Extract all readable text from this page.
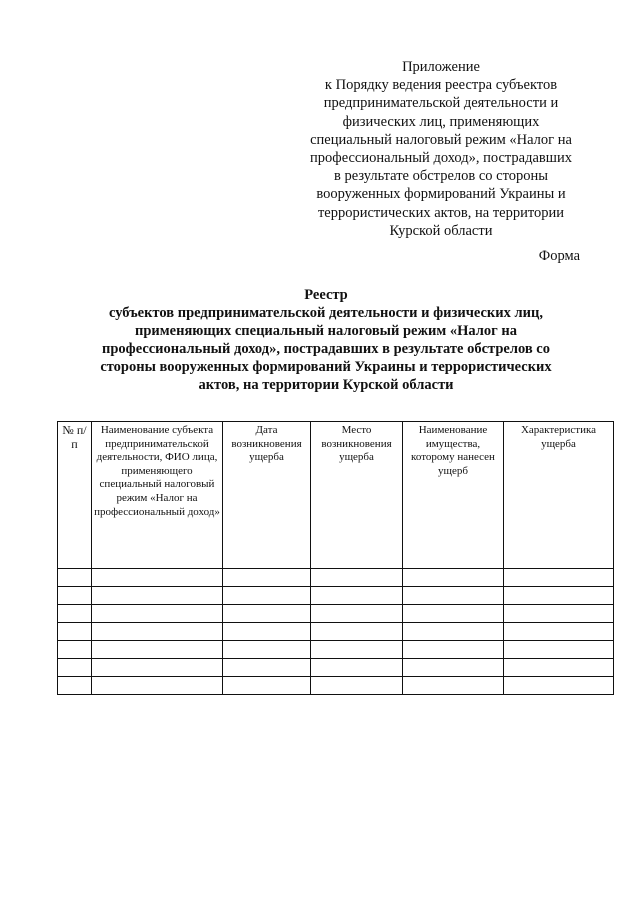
Приложение
к Порядку ведения реестра субъектов
предпринимательской деятельности и
физических лиц, применяющих
специальный налоговый режим «Налог на
профессиональный доход», пострадавших
в результате обстрелов со стороны
вооруженных формирований Украины и
террористических актов, на территории
Курской области
Форма
Реестр
субъектов предпринимательской деятельности и физических лиц,
применяющих специальный налоговый режим «Налог на
профессиональный доход», пострадавших в результате обстрелов со
стороны вооруженных формирований Украины и террористических
актов, на территории Курской области
№ п/п	Наименование субъекта предпринимательской деятельности, ФИО лица, применяющего специальный налоговый режим «Налог на профессиональный доход»	Дата возникновения ущерба	Место возникновения ущерба	Наименование имущества, которому нанесен ущерб	Характеристика ущерба
